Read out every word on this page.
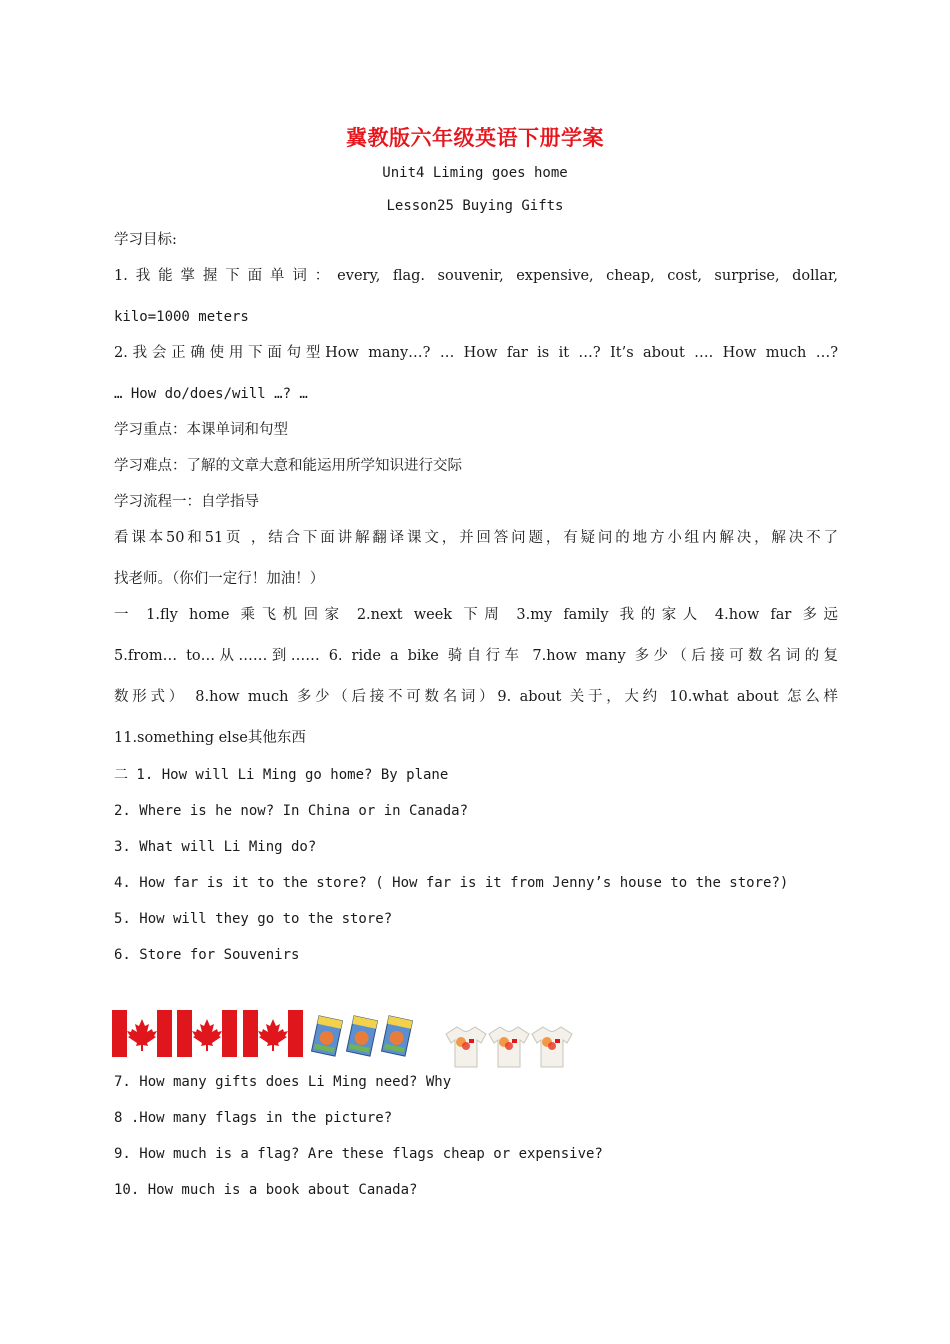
冀教版六年级英语下册学案
Unit4 Liming goes home
Lesson25 Buying Gifts
学习目标:
1.我能掌握下面单词：every, flag. souvenir, expensive, cheap, cost, surprise, dollar,
kilo=1000 meters
2.我会正确使用下面句型How many…? … How far is it …? It’s about …. How much …?
… How do/does/will …? …
学习重点：本课单词和句型
学习难点：了解的文章大意和能运用所学知识进行交际
学习流程一：自学指导
看课本50和51页 ，结合下面讲解翻译课文，并回答问题，有疑问的地方小组内解决，解决不了
找老师。（你们一定行！加油！）
一 1.fly home 乘飞机回家 2.next week 下周 3.my family 我的家人 4.how far 多远
5.from… to…从……到…… 6. ride a bike 骑自行车 7.how many 多少（后接可数名词的复
数形式） 8.how much 多少（后接不可数名词）9. about 关于，大约 10.what about 怎么样
11.something else其他东西
二 1. How will Li Ming go home? By plane
2. Where is he now? In China or in Canada?
3. What will Li Ming do?
4. How far is it to the store? ( How far is it from Jenny’s house to the store?)
5. How will they go to the store?
6. Store for Souvenirs
7. How many gifts does Li Ming need? Why
8 .How many flags in the picture?
9. How much is a flag? Are these flags cheap or expensive?
10. How much is a book about Canada?
